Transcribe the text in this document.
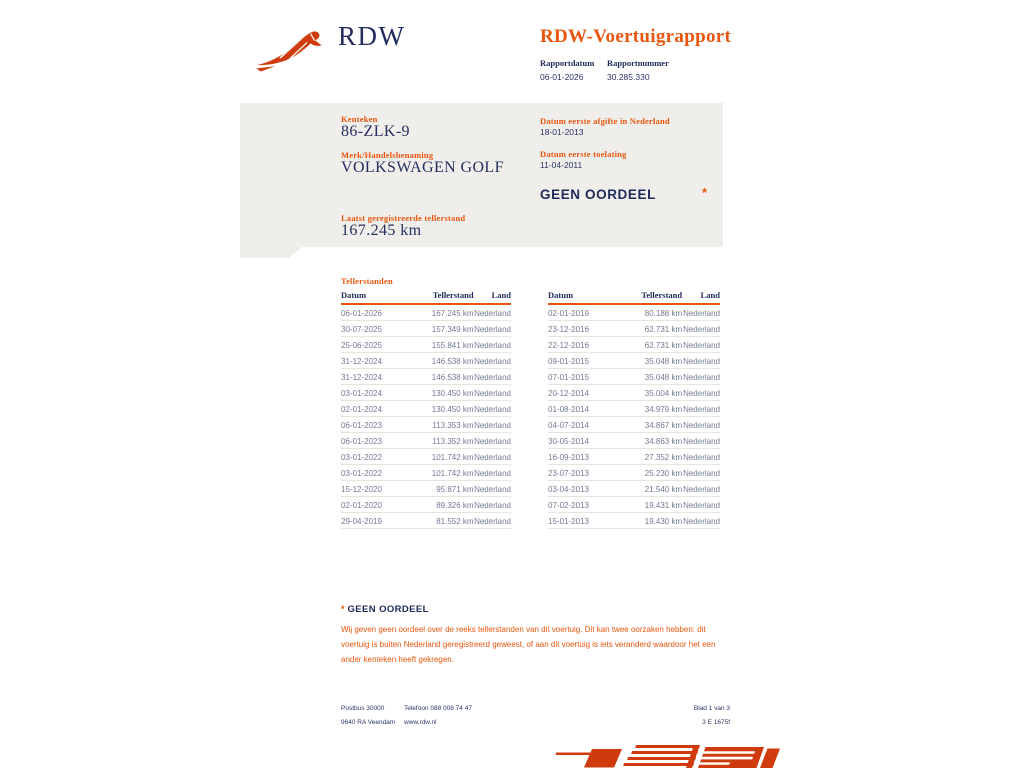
RDW	RDW-Voertuigrapport
Rapportdatum
06-01-2026
Rapportnummer
30.285.330
Kenteken
86-ZLK-9
Merk/Handelsbenaming
VOLKSWAGEN GOLF
Laatst geregistreerde tellerstand
167.245 km
Datum eerste afgifte in Nederland
18-01-2013
Datum eerste toelating
11-04-2011
GEEN OORDEEL	*
Tellerstanden
Datum	Tellerstand	Land
06-01-2026	167.245 km	Nederland
30-07-2025	157.349 km	Nederland
25-06-2025	155.841 km	Nederland
31-12-2024	146.538 km	Nederland
31-12-2024	146.538 km	Nederland
03-01-2024	130.450 km	Nederland
02-01-2024	130.450 km	Nederland
06-01-2023	113.353 km	Nederland
06-01-2023	113.352 km	Nederland
03-01-2022	101.742 km	Nederland
03-01-2022	101.742 km	Nederland
15-12-2020	95.871 km	Nederland
02-01-2020	89.326 km	Nederland
29-04-2019	81.552 km	Nederland
Datum	Tellerstand	Land
02-01-2019	80.188 km	Nederland
23-12-2016	62.731 km	Nederland
22-12-2016	62.731 km	Nederland
09-01-2015	35.048 km	Nederland
07-01-2015	35.048 km	Nederland
20-12-2014	35.004 km	Nederland
01-08-2014	34.979 km	Nederland
04-07-2014	34.867 km	Nederland
30-05-2014	34.863 km	Nederland
16-09-2013	27.352 km	Nederland
23-07-2013	25.230 km	Nederland
03-04-2013	21.540 km	Nederland
07-02-2013	19.431 km	Nederland
15-01-2013	19.430 km	Nederland
* GEEN OORDEEL
Wij geven geen oordeel over de reeks tellerstanden van dit voertuig. Dit kan twee oorzaken hebben: dit voertuig is buiten Nederland geregistreerd geweest, of aan dit voertuig is iets veranderd waardoor het een ander kenteken heeft gekregen.
Postbus 30000
9640 RA Veendam
Telefoon 088 008 74 47
www.rdw.nl
Blad 1 van 3
3 E 1675f
